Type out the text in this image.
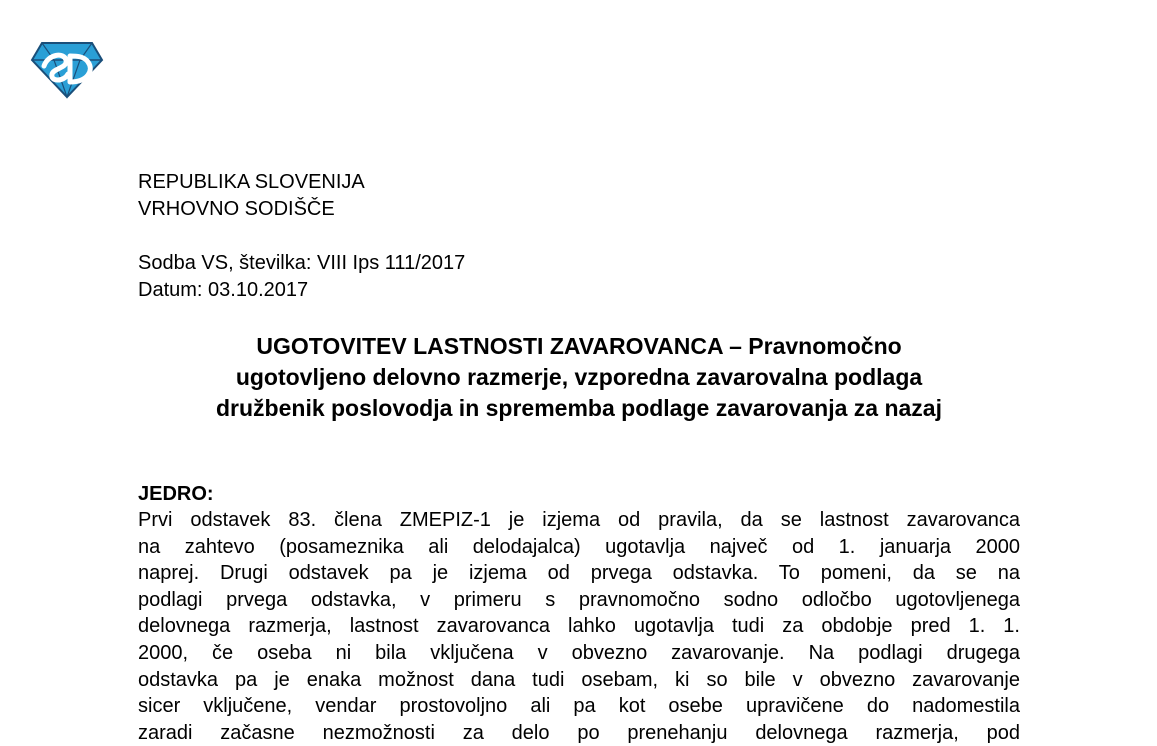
REPUBLIKA SLOVENIJA
VRHOVNO SODIŠČE
Sodba VS, številka: VIII Ips 111/2017
Datum: 03.10.2017
UGOTOVITEV LASTNOSTI ZAVAROVANCA – Pravnomočno
ugotovljeno delovno razmerje, vzporedna zavarovalna podlaga
družbenik poslovodja in sprememba podlage zavarovanja za nazaj
JEDRO:
Prvi odstavek 83. člena ZMEPIZ-1 je izjema od pravila, da se lastnost zavarovanca
na zahtevo (posameznika ali delodajalca) ugotavlja največ od 1. januarja 2000
naprej. Drugi odstavek pa je izjema od prvega odstavka. To pomeni, da se na
podlagi prvega odstavka, v primeru s pravnomočno sodno odločbo ugotovljenega
delovnega razmerja, lastnost zavarovanca lahko ugotavlja tudi za obdobje pred 1. 1.
2000, če oseba ni bila vključena v obvezno zavarovanje. Na podlagi drugega
odstavka pa je enaka možnost dana tudi osebam, ki so bile v obvezno zavarovanje
sicer vključene, vendar prostovoljno ali pa kot osebe upravičene do nadomestila
zaradi začasne nezmožnosti za delo po prenehanju delovnega razmerja, pod
